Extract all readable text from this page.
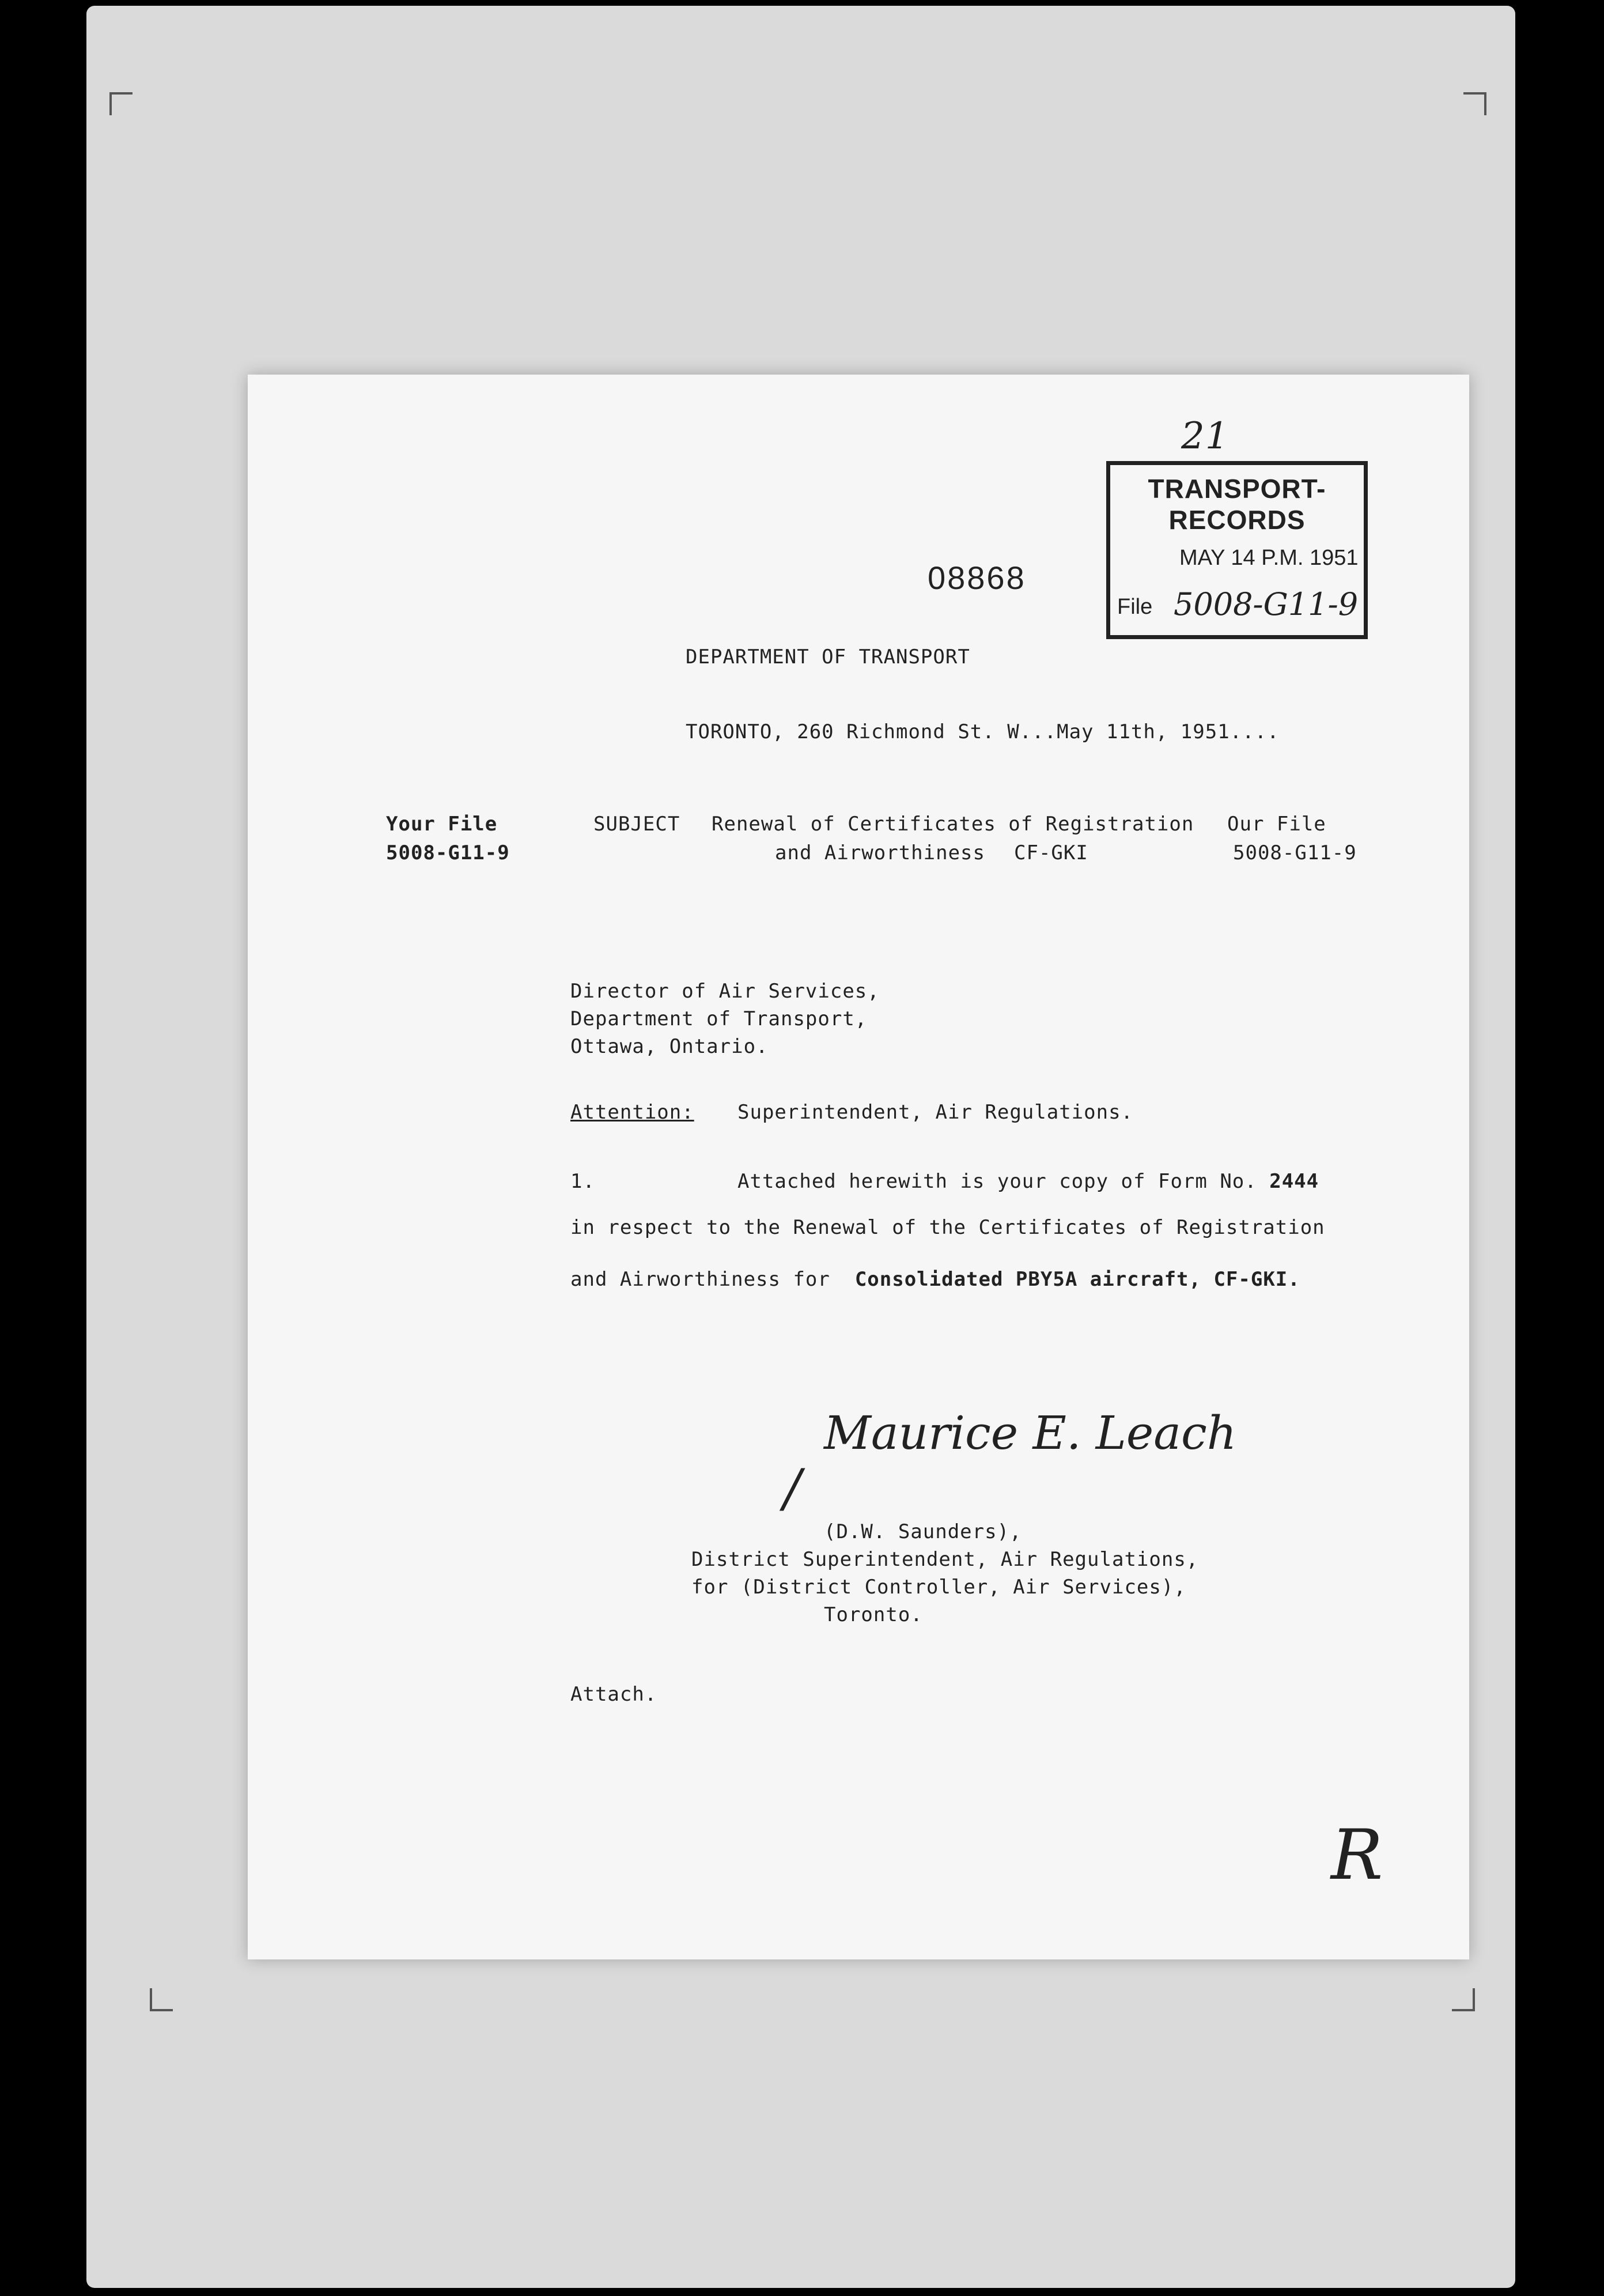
21
TRANSPORT-RECORDS
MAY 14 P.M. 1951
File 5008-G11-9
08868
DEPARTMENT OF TRANSPORT
TORONTO, 260 Richmond St. W...May 11th, 1951....
Your File
5008-G11-9
SUBJECT Renewal of Certificates of Registration
and Airworthiness CF-GKI
Our File
5008-G11-9
Director of Air Services,
Department of Transport,
Ottawa, Ontario.
Attention: Superintendent, Air Regulations.
1.	Attached herewith is your copy of Form No. 2444
in respect to the Renewal of the Certificates of Registration
and Airworthiness for Consolidated PBY5A aircraft, CF-GKI.
Maurice E. Leach
/
(D.W. Saunders),
District Superintendent, Air Regulations,
for (District Controller, Air Services),
Toronto.
Attach.
R
